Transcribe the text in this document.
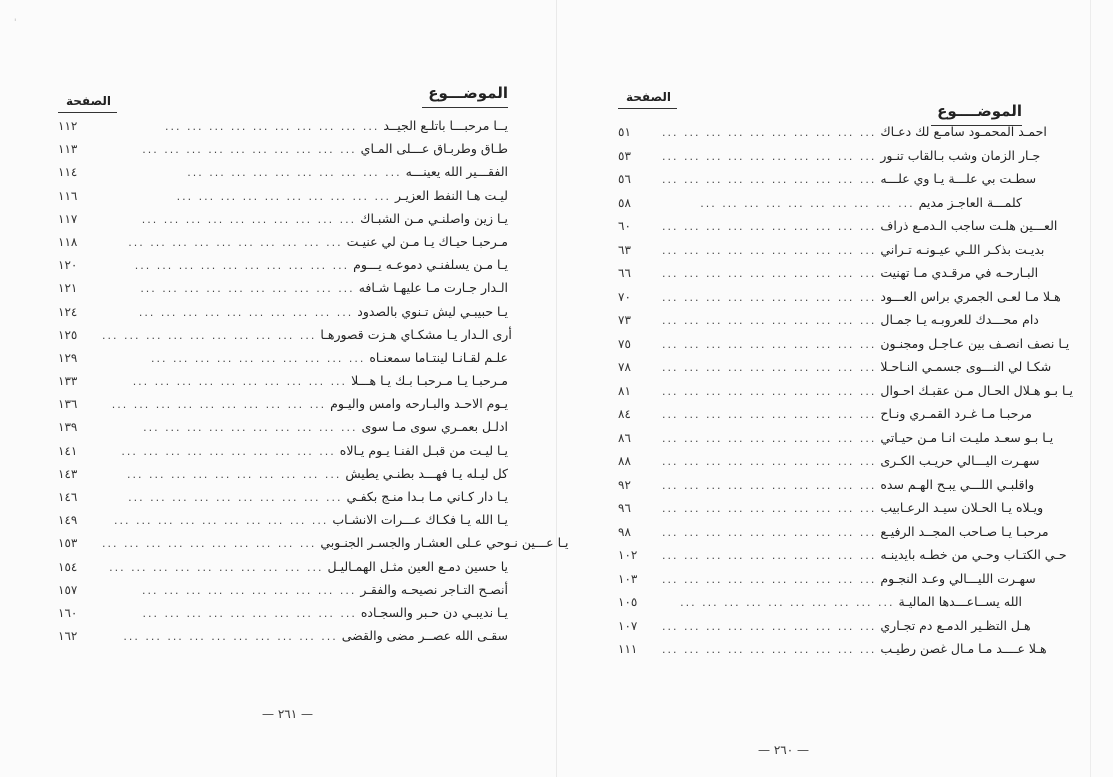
'
الموضـــوع
الصفحة
١١٢	... ... ... ... ... ... ... ... ... ... يــا مرحبـــا باتلـع الجيــد
١١٣	... ... ... ... ... ... ... ... ... ... طـاق وطربـاق عـــلى المـاي
١١٤	... ... ... ... ... ... ... ... ... ... الفقـــير الله يعينـــه
١١٦	... ... ... ... ... ... ... ... ... ... ليـت هـا النفط العزيـر
١١٧	... ... ... ... ... ... ... ... ... ... يـا زين واصلنـي مـن الشبـاك
١١٨	... ... ... ... ... ... ... ... ... ... مـرحبـا حيـاك يـا مـن لي عنيـت
١٢٠	... ... ... ... ... ... ... ... ... ... يـا مـن يسلفنـي دموعـه يـــوم
١٢١	... ... ... ... ... ... ... ... ... ... الـدار جـارت مـا عليهـا شـافه
١٢٤	... ... ... ... ... ... ... ... ... ... يـا حبيبـي ليش تـنوي بالصدود
١٢٥	... ... ... ... ... ... ... ... ... ... أرى الـدار يـا مشكـاي هـزت قصورهـا
١٢٩	... ... ... ... ... ... ... ... ... ... علـم لقـانـا لينتـاما سمعنـاه
١٣٣	... ... ... ... ... ... ... ... ... ... مـرحبـا يـا مـرحبـا بـك يـا هـــلا
١٣٦	... ... ... ... ... ... ... ... ... ... يـوم الاحـد والبـارحه وامس واليـوم
١٣٩	... ... ... ... ... ... ... ... ... ... ادلـل بعمـري سوى مـا سوى
١٤١	... ... ... ... ... ... ... ... ... ... يـا ليـت من قبـل الفنـا يـوم يـالاه
١٤٣	... ... ... ... ... ... ... ... ... ... كل ليـله يـا فهـــد بطنـي يطيش
١٤٦	... ... ... ... ... ... ... ... ... ... يـا دار كـاني مـا بـدا منـج بكفـي
١٤٩	... ... ... ... ... ... ... ... ... ... يـا الله يـا فكـاك عـــرات الانشـاب
١٥٣	... ... ... ... ... ... ... ... ... ... يـا عـــين نـوحي عـلى العشـار والجسـر الجنـوبي
١٥٤	... ... ... ... ... ... ... ... ... ... يا حسين دمـع العين مثـل الهمـاليـل
١٥٧	... ... ... ... ... ... ... ... ... ... أنصـح التـاجر نصيحـه والفقـر
١٦٠	... ... ... ... ... ... ... ... ... ... يـا نديبـي دن حـبر والسجـاده
١٦٢	... ... ... ... ... ... ... ... ... ... سقـى الله عصــر مضى والقضى
الموضــــوع
الصفحة
٥١	... ... ... ... ... ... ... ... ... ... احمـد المحمـود سامـع لك دعـاك
٥٣	... ... ... ... ... ... ... ... ... ... جـار الزمان وشب بـالقاب تنـور
٥٦	... ... ... ... ... ... ... ... ... ... سطـت بي علـــة يـا وي علـــه
٥٨	... ... ... ... ... ... ... ... ... ... كلمـــة العاجـز مديم
٦٠	... ... ... ... ... ... ... ... ... ... العـــين هلـت ساجب الـدمـع ذراف
٦٣	... ... ... ... ... ... ... ... ... ... بديـت بذكـر اللـي عيـونـه تـراني
٦٦	... ... ... ... ... ... ... ... ... ... البـارحـه في مرقـدي مـا تهنيت
٧٠	... ... ... ... ... ... ... ... ... ... هـلا مـا لعـى الجمري براس العـــود
٧٣	... ... ... ... ... ... ... ... ... ... دام محـــدك للعروبـه يـا جمـال
٧٥	... ... ... ... ... ... ... ... ... ... يـا نصف انصـف بين عـاجـل ومجنـون
٧٨	... ... ... ... ... ... ... ... ... ... شكـا لي النـــوى جسمـي النـاحـلا
٨١	... ... ... ... ... ... ... ... ... ... يـا بـو هـلال الحـال مـن عقبـك احـوال
٨٤	... ... ... ... ... ... ... ... ... ... مرحبـا مـا غـرد القمـري ونـاح
٨٦	... ... ... ... ... ... ... ... ... ... يـا بـو سعـد مليـت انـا مـن حيـاتي
٨٨	... ... ... ... ... ... ... ... ... ... سهـرت اليـــالي حريـب الكـرى
٩٢	... ... ... ... ... ... ... ... ... ... واقلبـي اللـــي يبـح الهـم سده
٩٦	... ... ... ... ... ... ... ... ... ... ويـلاه يـا الحـلان سيـد الرعـابيب
٩٨	... ... ... ... ... ... ... ... ... ... مرحبـا يـا صـاحب المجــد الرفيـع
١٠٢	... ... ... ... ... ... ... ... ... ... حـي الكتـاب وحـي من خطـه بايدينـه
١٠٣	... ... ... ... ... ... ... ... ... ... سهـرت الليـــالي وعـد النجـوم
١٠٥	... ... ... ... ... ... ... ... ... ... الله يســاعـــدها الماليـة
١٠٧	... ... ... ... ... ... ... ... ... ... هـل التظـير الدمـع دم تجـاري
١١١	... ... ... ... ... ... ... ... ... ... هـلا عــــد مـا مـال غصن رطيـب
— ٢٦١ —
— ٢٦٠ —
